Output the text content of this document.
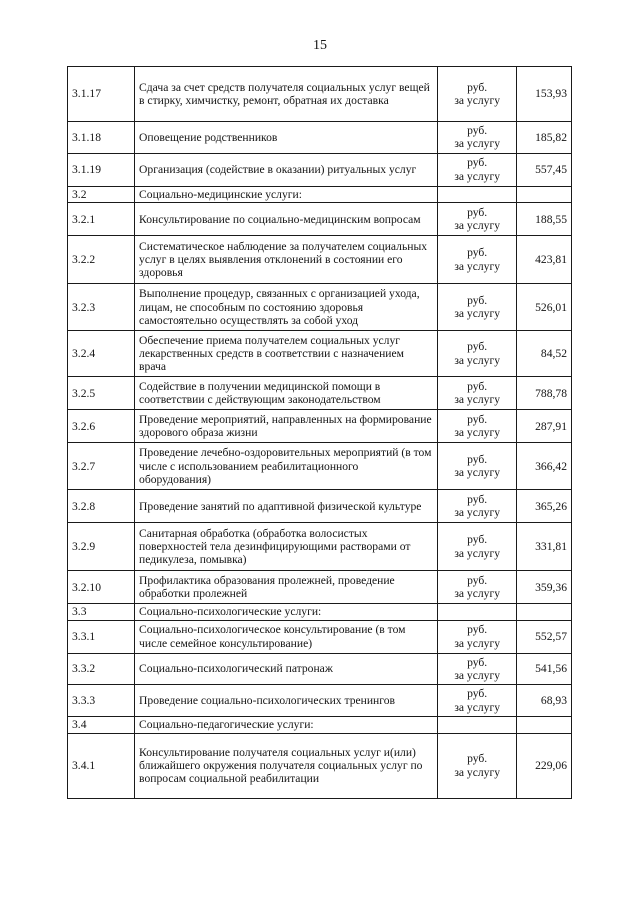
15
3.1.17	Сдача за счет средств получателя социальных услуг вещей в стирку, химчистку, ремонт, обратная их доставка	руб.
за услугу	153,93
3.1.18	Оповещение родственников	руб.
за услугу	185,82
3.1.19	Организация (содействие в оказании) ритуальных услуг	руб.
за услугу	557,45
3.2	Социально-медицинские услуги:		
3.2.1	Консультирование по социально-медицинским вопросам	руб.
за услугу	188,55
3.2.2	Систематическое наблюдение за получателем социальных услуг в целях выявления отклонений в состоянии его здоровья	руб.
за услугу	423,81
3.2.3	Выполнение процедур, связанных с организацией ухода, лицам, не способным по состоянию здоровья самостоятельно осуществлять за собой уход	руб.
за услугу	526,01
3.2.4	Обеспечение приема получателем социальных услуг лекарственных средств в соответствии с назначением врача	руб.
за услугу	84,52
3.2.5	Содействие в получении медицинской помощи в соответствии с действующим законодательством	руб.
за услугу	788,78
3.2.6	Проведение мероприятий, направленных на формирование здорового образа жизни	руб.
за услугу	287,91
3.2.7	Проведение лечебно-оздоровительных мероприятий (в том числе с использованием реабилитационного оборудования)	руб.
за услугу	366,42
3.2.8	Проведение занятий по адаптивной физической культуре	руб.
за услугу	365,26
3.2.9	Санитарная обработка (обработка волосистых поверхностей тела дезинфицирующими растворами от педикулеза, помывка)	руб.
за услугу	331,81
3.2.10	Профилактика образования пролежней, проведение обработки пролежней	руб.
за услугу	359,36
3.3	Социально-психологические услуги:		
3.3.1	Социально-психологическое консультирование (в том числе семейное консультирование)	руб.
за услугу	552,57
3.3.2	Социально-психологический патронаж	руб.
за услугу	541,56
3.3.3	Проведение социально-психологических тренингов	руб.
за услугу	68,93
3.4	Социально-педагогические услуги:		
3.4.1	Консультирование получателя социальных услуг и(или) ближайшего окружения получателя социальных услуг по вопросам социальной реабилитации	руб.
за услугу	229,06
